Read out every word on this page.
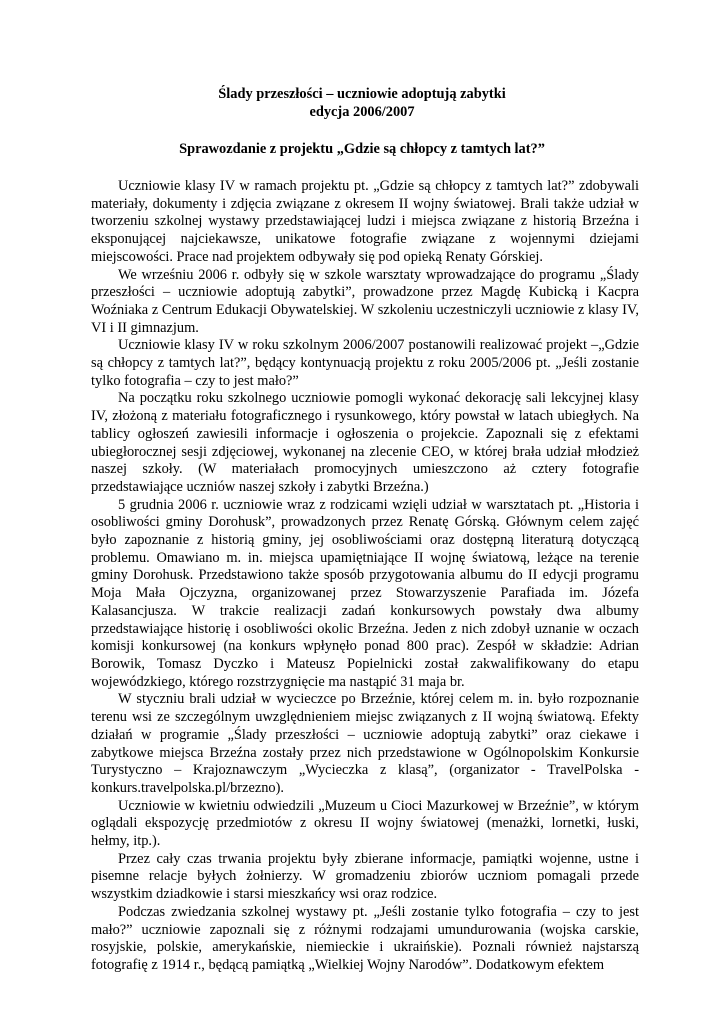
Ślady przeszłości – uczniowie adoptują zabytki
edycja 2006/2007
Sprawozdanie z projektu „Gdzie są chłopcy z tamtych lat?”

Uczniowie klasy IV w ramach projektu pt. „Gdzie są chłopcy z tamtych lat?” zdobywali materiały, dokumenty i zdjęcia związane z okresem II wojny światowej. Brali także udział w tworzeniu szkolnej wystawy przedstawiającej ludzi i miejsca związane z historią Brzeźna i eksponującej najciekawsze, unikatowe fotografie związane z wojennymi dziejami miejscowości. Prace nad projektem odbywały się pod opieką Renaty Górskiej.

We wrześniu 2006 r. odbyły się w szkole warsztaty wprowadzające do programu „Ślady przeszłości – uczniowie adoptują zabytki”, prowadzone przez Magdę Kubicką i Kacpra Woźniaka z Centrum Edukacji Obywatelskiej. W szkoleniu uczestniczyli uczniowie z klasy IV, VI i II gimnazjum.

Uczniowie klasy IV w roku szkolnym 2006/2007 postanowili realizować projekt –„Gdzie są chłopcy z tamtych lat?”, będący kontynuacją projektu z roku 2005/2006 pt. „Jeśli zostanie tylko fotografia – czy to jest mało?”

Na początku roku szkolnego uczniowie pomogli wykonać dekorację sali lekcyjnej klasy IV, złożoną z materiału fotograficznego i rysunkowego, który powstał w latach ubiegłych. Na tablicy ogłoszeń zawiesili informacje i ogłoszenia o projekcie. Zapoznali się z efektami ubiegłorocznej sesji zdjęciowej, wykonanej na zlecenie CEO, w której brała udział młodzież naszej szkoły. (W materiałach promocyjnych umieszczono aż cztery fotografie przedstawiające uczniów naszej szkoły i zabytki Brzeźna.)

5 grudnia 2006 r. uczniowie wraz z rodzicami wzięli udział w warsztatach pt. „Historia i osobliwości gminy Dorohusk”, prowadzonych przez Renatę Górską. Głównym celem zajęć było zapoznanie z historią gminy, jej osobliwościami oraz dostępną literaturą dotyczącą problemu. Omawiano m. in. miejsca upamiętniające II wojnę światową, leżące na terenie gminy Dorohusk. Przedstawiono także sposób przygotowania albumu do II edycji programu Moja Mała Ojczyzna, organizowanej przez Stowarzyszenie Parafiada im. Józefa Kalasancjusza. W trakcie realizacji zadań konkursowych powstały dwa albumy przedstawiające historię i osobliwości okolic Brzeźna. Jeden z nich zdobył uznanie w oczach komisji konkursowej (na konkurs wpłynęło ponad 800 prac). Zespół w składzie: Adrian Borowik, Tomasz Dyczko i Mateusz Popielnicki został zakwalifikowany do etapu wojewódzkiego, którego rozstrzygnięcie ma nastąpić 31 maja br.

W styczniu brali udział w wycieczce po Brzeźnie, której celem m. in. było rozpoznanie terenu wsi ze szczególnym uwzględnieniem miejsc związanych z II wojną światową. Efekty działań w programie „Ślady przeszłości – uczniowie adoptują zabytki” oraz ciekawe i zabytkowe miejsca Brzeźna zostały przez nich przedstawione w Ogólnopolskim Konkursie Turystyczno – Krajoznawczym „Wycieczka z klasą”, (organizator - TravelPolska - konkurs.travelpolska.pl/brzezno).

Uczniowie w kwietniu odwiedzili „Muzeum u Cioci Mazurkowej w Brzeźnie”, w którym oglądali ekspozycję przedmiotów z okresu II wojny światowej (menażki, lornetki, łuski, hełmy, itp.).

Przez cały czas trwania projektu były zbierane informacje, pamiątki wojenne, ustne i pisemne relacje byłych żołnierzy. W gromadzeniu zbiorów uczniom pomagali przede wszystkim dziadkowie i starsi mieszkańcy wsi oraz rodzice.

Podczas zwiedzania szkolnej wystawy pt. „Jeśli zostanie tylko fotografia – czy to jest mało?” uczniowie zapoznali się z różnymi rodzajami umundurowania (wojska carskie, rosyjskie, polskie, amerykańskie, niemieckie i ukraińskie). Poznali również najstarszą fotografię z 1914 r., będącą pamiątką „Wielkiej Wojny Narodów”. Dodatkowym efektem
